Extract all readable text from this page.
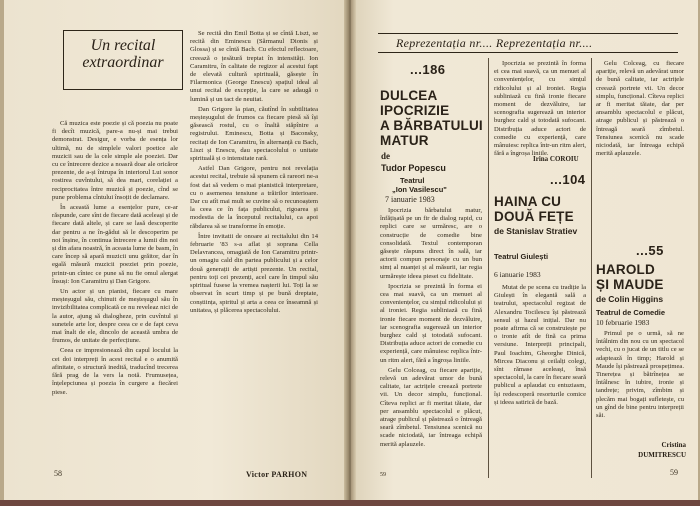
Un recital
extraordinar

Că muzica este poezie și că poezia nu poate fi decît muzică, pare-a nu-și mai trebui demonstrat. Desigur, e vorba de esența lor ultimă, nu de simplele valori poetice ale muzicii sau de la cele simple ale poeziei. Dar cu ce întrecere dezice a noasră doar ale oricăror prezente, de a-și întrupa în interiorul Lui sonor rostirea cuvîntului, să dea mari, corelației a reciprocitatea între muzică și poezie, cînd se pune problema cîntului însoțit de declamare.

În această lume a esențelor pure, ce-ar răspunde, care sînt de fiecare dată aceleași și de fiecare dată altele, și care se lasă descoperite dar pentru a ne în-gădui să le descoperim pe noi înșine, în continua întrecere a lumii din noi și din afara noastră, în aceasta lume de basm, în care încep să apară muzicii unu grăitor, dar în egală măsură muzicii poeziei prin poezie, printr-un cîntec ce pune să nu fie omul alergat însuși: Ion Caramitru și Dan Grigore.

Un actor și un pianist, fiecare cu mare meșteșugul său, chinuit de meșteșugul său în invizibilitatea complicată ce nu reveleaz nici de la autor, ajung să dialogheze, prin cuvîntul și sunetele arte lor, despre ceea ce e de fapt ceva mai înalt de ele, dincolo de această umbra de frumos, de unitate de perfecțiune.

Ceea ce impresionează din capul locului la cei doi interpreți în acest recital e o anumită afinitate, o structură inedită, traducînd trecerea fără prag de la vers la notă. Frumusețea, înțelepciunea și poezia în curgere a fiecărei piese.

Se recită din Emil Botta și se cîntă Liszt, se recită din Eminescu (Sărmanul Dionis și Glossa) și se cîntă Bach. Cu efectul reflectoare, creează o țesătură treptat în intensități. Ion Caramitru, în calitate de regizor al acestui fapt de elevată cultură spirituală, găsește în Filarmonica (George Enescu) spațiul ideal al unui recital de excepție, la care se adaugă o lumină și un tact de neuitat.

Dan Grigore la pian, căutînd în subtilitatea meșteșugului de frumos ca fiecare piesă să își găsească rostul, cu o înaltă stăpînire a registrului. Eminescu, Botta și Baconsky, recitați de Ion Caramitru, în alternanță cu Bach, Liszt și Enescu, dau spectacolului o unitate spirituală și o intensitate rară.

Astfel Dan Grigore, pentru noi revelația acestui recital, trebuie să spunem că rareori ne-a fost dat să vedem o mai pianistică interpretare, cu o asemenea tensiune a trăirilor interioare. Dar cu atît mai mult se cuvine să o recunoaștem la ceea ce în fața publicului, rigoarea și modestia de la începutul recitalului, ca apoi răbdarea să se transforme în emoție.

Între invitatii de onoare ai recitalului din 14 februarie '83 s-a aflat și soprana Cella Delavrancea, omagiată de Ion Caramitru printr-un omagiu cald din partea publicului și a celor două generații de artiști prezente. Un recital, pentru toți cei prezenți, acel care în timpul său spiritual fusese la vremea nașterii lui. Toți la se observat în scurt timp și pe bună dreptate, conștiința, spiritul și arta a ceea ce înseamnă și unitatea, și plăcerea spectacolului.

Victor PARHON
58
Reprezentația nr.... Reprezentația nr....
...186
DULCEA
IPOCRIZIE
A BĂRBATULUI
MATUR
de
Tudor Popescu
Teatrul
„Ion Vasilescu"
7 ianuarie 1983

Ipocrizia bărbatului matur, înfățișată pe un fir de dialog rapid, cu replici care se urmăresc, are o construcție de comedie bine consolidată. Textul contemporan găsește răspuns direct în sală, iar actorii compun personaje cu un bun simț al nuanței și al măsurii, iar regia urmărește ideea piesei cu fidelitate.

Ipocrizia se prezintă în forma ei cea mai suavă, ca un menuet al conveniențelor, cu simțul ridicolului și al ironiei. Regia subliniază cu fină ironie fiecare moment de dezvăluire, iar scenografia sugerează un interior burghez cald și totodată sufocant. Distribuția aduce actori de comedie cu experiență, care mânuiesc replica într-un ritm alert, fără a îngroșa liniile.

Gelu Colceag, cu fiecare apariție, relevă un adevărat umor de bună calitate, iar actrițele creează portrete vii. Un decor simplu, funcțional. Cîteva replici ar fi meritat tăiate, dar per ansamblu spectacolul e plăcut, atrage publicul și păstrează o întreagă seară zîmbetul. Tensiunea scenică nu scade niciodată, iar întreaga echipă merită aplauzele.

59

Ipocrizia se prezintă în forma ei cea mai suavă, ca un menuet al conveniențelor, cu simțul ridicolului și al ironiei. Regia subliniază cu fină ironie fiecare moment de dezvăluire, iar scenografia sugerează un interior burghez cald și totodată sufocant. Distribuția aduce actori de comedie cu experiență, care mânuiesc replica într-un ritm alert, fără a îngroșa liniile.

Irina COROIU
...104
HAINA CU
DOUĂ FEȚE
de Stanislav Stratiev
Teatrul Giulești
6 ianuarie 1983

Mutat de pe scena cu tradiție la Giulești în elegantă sală a teatrului, spectacolul regizat de Alexandru Tocilescu își păstrează sensul și hazul inițial. Dar nu poate afirma că se construiește pe o ironie atît de fină ca prima versiune. Interpreții principali, Paul Ioachim, Gheorghe Dinică, Mircea Diaconu și ceilalți colegi, sînt rămase aceleași, însă spectacolul, la care în fiecare seară publicul a aplaudat cu entuziasm, își redescoperă resorturile comice și ideea satirică de bază.

Gelu Colceag, cu fiecare apariție, relevă un adevărat umor de bună calitate, iar actrițele creează portrete vii. Un decor simplu, funcțional. Cîteva replici ar fi meritat tăiate, dar per ansamblu spectacolul e plăcut, atrage publicul și păstrează o întreagă seară zîmbetul. Tensiunea scenică nu scade niciodată, iar întreaga echipă merită aplauzele.

...55
HAROLD
ȘI MAUDE
de Colin Higgins
Teatrul de Comedie
10 februarie 1983

Primul pe o urmă, să ne întâlnim din nou cu un spectacol vechi, cu o jucat de un titlu ce se adaptează în timp; Harold și Maude își păstrează prospețimea. Tinerețea și bătrînețea se întâlnesc în iubire, ironie și tandrețe; privim, zîmbim și plecăm mai bogați sufletește, cu un gînd de bine pentru interpreții săi.

Cristina DUMITRESCU
59
